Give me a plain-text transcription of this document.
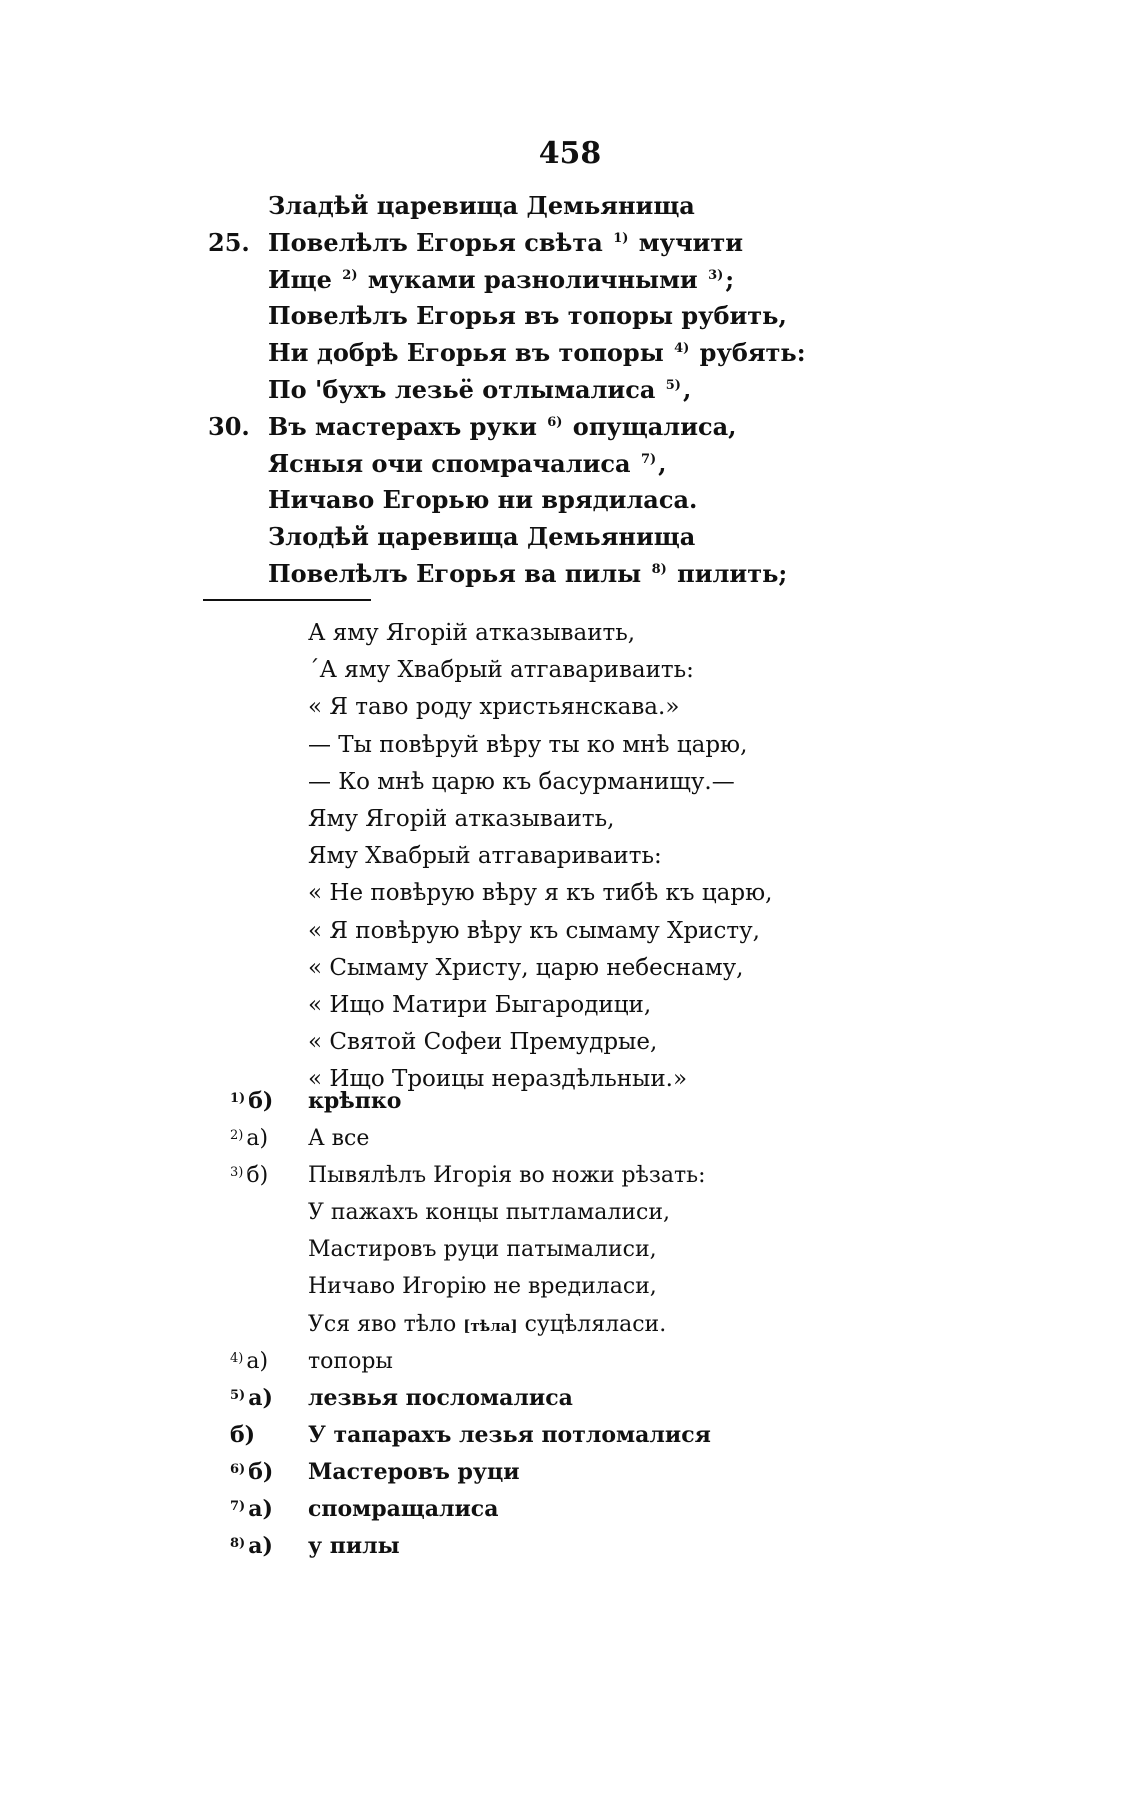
458
Зладѣй царевища Демьянища
25. Повелѣлъ Егорья свѣта $^{1)}$ мучити
Ище $^{2)}$ муками разноличными $^{3)}$;
Повелѣлъ Егорья въ топоры рубить,
Ни добрѣ Егорья въ топоры $^{4)}$ рубять:
По 'бухъ лезьё отлымалиса $^{5)}$,
30. Въ мастерахъ руки $^{6)}$ опущалиса,
Ясныя очи спомрачалиса $^{7)}$,
Ничаво Егорью ни врядиласа.
Злодѣй царевища Демьянища
Повелѣлъ Егорья ва пилы $^{8)}$ пилить;
А яму Ягорій атказываить,
´А яму Хвабрый атгавариваить:
« Я таво роду христьянскава.»
— Ты повѣруй вѣру ты ко мнѣ царю,
— Ко мнѣ царю къ басурманищу.—
Яму Ягорій атказываить,
Яму Хвабрый атгавариваить:
« Не повѣрую вѣру я къ тибѣ къ царю,
« Я повѣрую вѣру къ сымаму Христу,
« Сымаму Христу, царю небеснаму,
« Ищо Матири Быгародици,
« Святой Софеи Премудрые,
« Ищо Троицы нераздѣльныи.»
$^{1)}$ б)	крѣпко
$^{2)}$ а)	А все
$^{3)}$ б)	Пывялѣлъ Игорія во ножи рѣзать:
У пажахъ концы пытламалиси,
Мастировъ руци патымалиси,
Ничаво Игорію не вредилаcи,
Уся яво тѣло [тѣла] суцѣляласи.
$^{4)}$ а)	топоры
$^{5)}$ а)	лезвья посломалиса
б)	У тапарахъ лезья потломалися
$^{6)}$ б)	Мастеровъ руци
$^{7)}$ а)	спомращалиса
$^{8)}$ а)	у пилы
